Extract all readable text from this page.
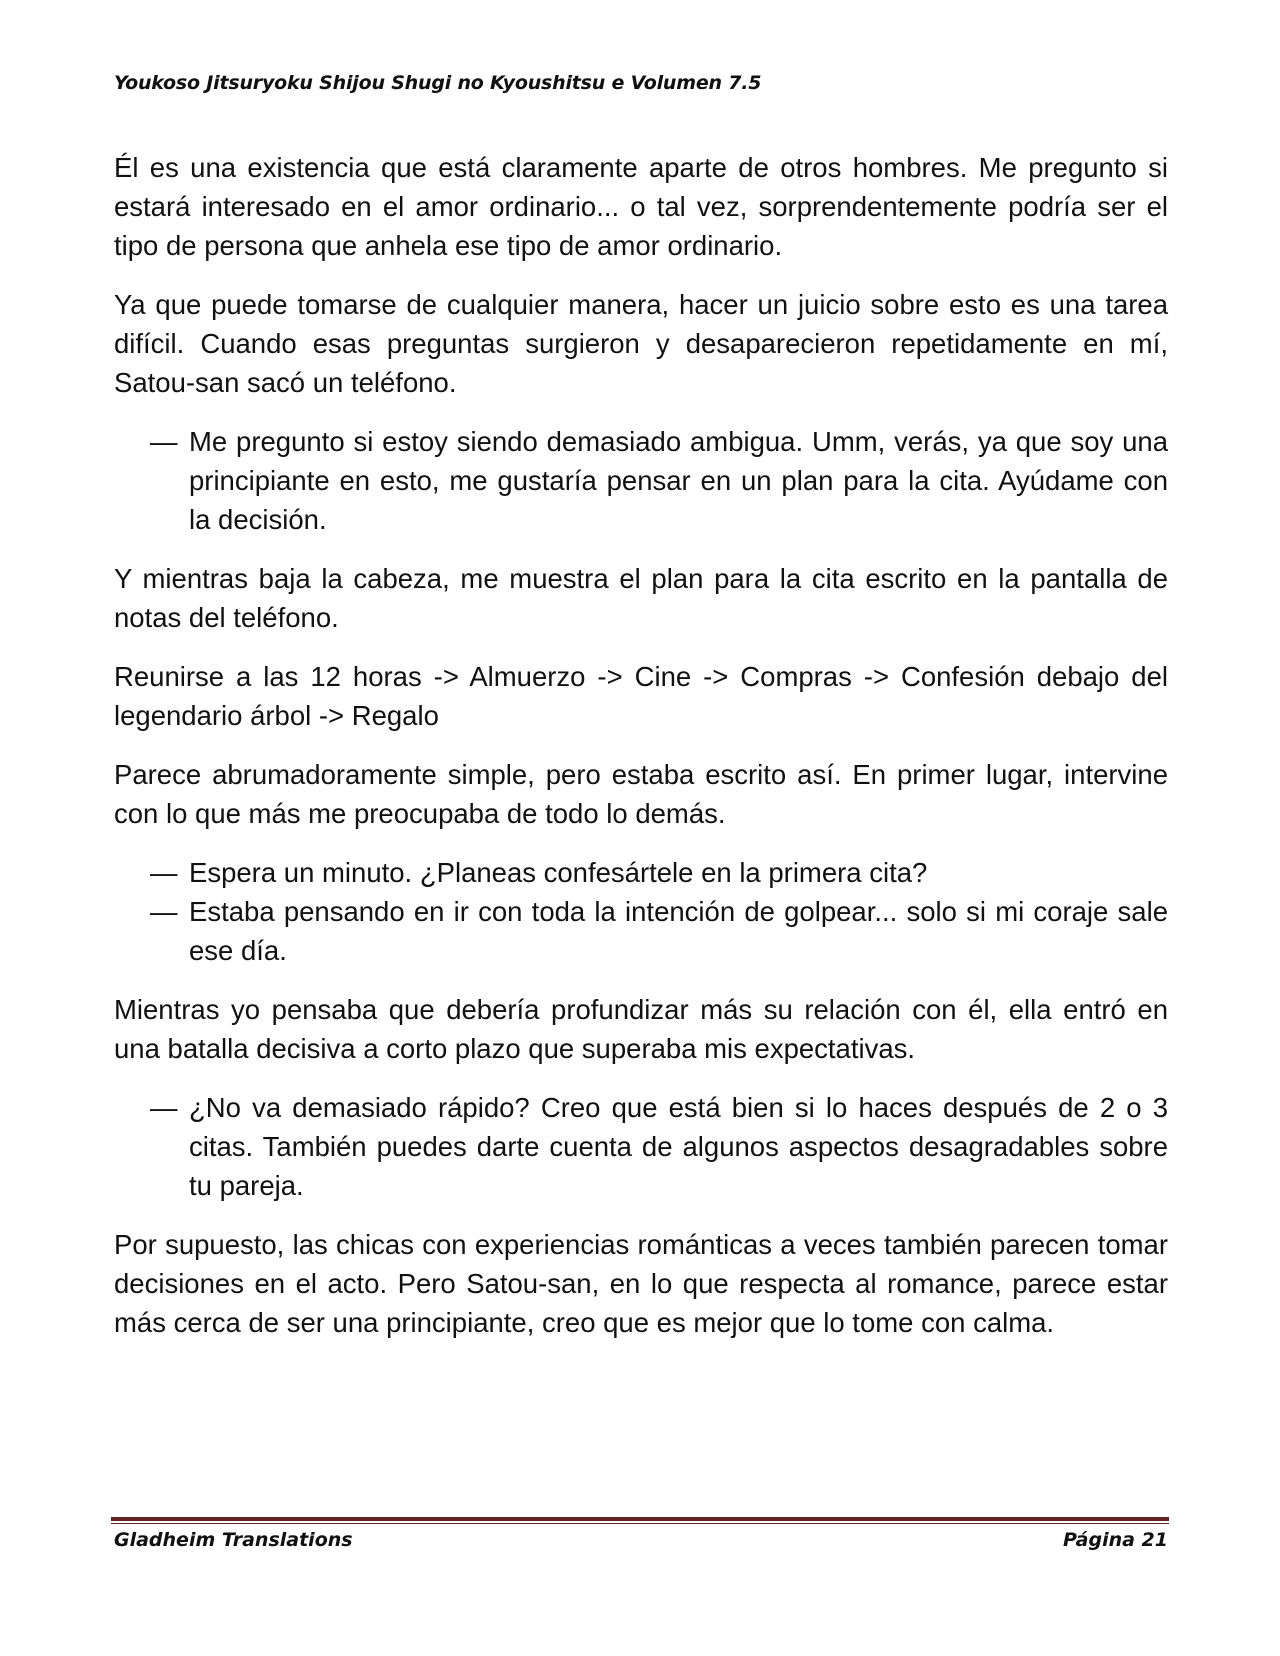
Youkoso Jitsuryoku Shijou Shugi no Kyoushitsu e Volumen 7.5

Él es una existencia que está claramente aparte de otros hombres. Me pregunto si estará interesado en el amor ordinario... o tal vez, sorprendentemente podría ser el tipo de persona que anhela ese tipo de amor ordinario.

Ya que puede tomarse de cualquier manera, hacer un juicio sobre esto es una tarea difícil. Cuando esas preguntas surgieron y desaparecieron repetidamente en mí, Satou-san sacó un teléfono.

— Me pregunto si estoy siendo demasiado ambigua. Umm, verás, ya que soy una principiante en esto, me gustaría pensar en un plan para la cita. Ayúdame con la decisión.

Y mientras baja la cabeza, me muestra el plan para la cita escrito en la pantalla de notas del teléfono.

Reunirse a las 12 horas -> Almuerzo -> Cine -> Compras -> Confesión debajo del legendario árbol -> Regalo

Parece abrumadoramente simple, pero estaba escrito así. En primer lugar, intervine con lo que más me preocupaba de todo lo demás.

— Espera un minuto. ¿Planeas confesártele en la primera cita?
— Estaba pensando en ir con toda la intención de golpear... solo si mi coraje sale ese día.

Mientras yo pensaba que debería profundizar más su relación con él, ella entró en una batalla decisiva a corto plazo que superaba mis expectativas.

— ¿No va demasiado rápido? Creo que está bien si lo haces después de 2 o 3 citas. También puedes darte cuenta de algunos aspectos desagradables sobre tu pareja.

Por supuesto, las chicas con experiencias románticas a veces también parecen tomar decisiones en el acto. Pero Satou-san, en lo que respecta al romance, parece estar más cerca de ser una principiante, creo que es mejor que lo tome con calma.

Gladheim Translations	Página 21
